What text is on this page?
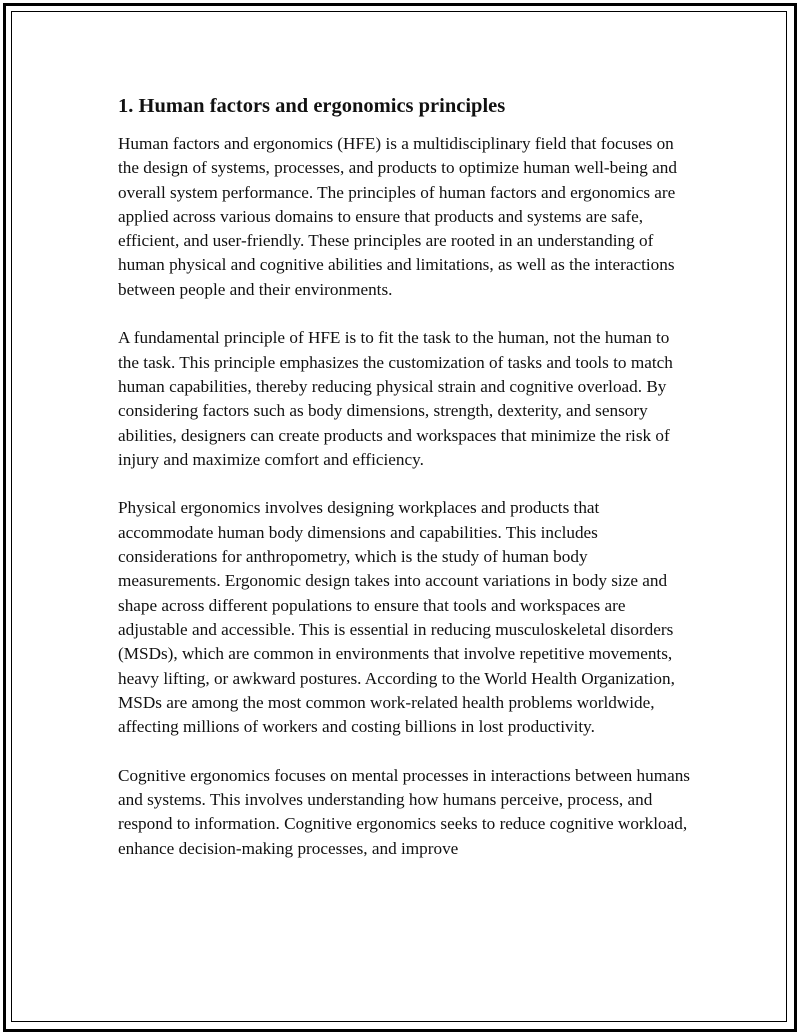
1. Human factors and ergonomics principles

Human factors and ergonomics (HFE) is a multidisciplinary field that focuses on the design of systems, processes, and products to optimize human well-being and overall system performance. The principles of human factors and ergonomics are applied across various domains to ensure that products and systems are safe, efficient, and user-friendly. These principles are rooted in an understanding of human physical and cognitive abilities and limitations, as well as the interactions between people and their environments.

A fundamental principle of HFE is to fit the task to the human, not the human to the task. This principle emphasizes the customization of tasks and tools to match human capabilities, thereby reducing physical strain and cognitive overload. By considering factors such as body dimensions, strength, dexterity, and sensory abilities, designers can create products and workspaces that minimize the risk of injury and maximize comfort and efficiency.

Physical ergonomics involves designing workplaces and products that accommodate human body dimensions and capabilities. This includes considerations for anthropometry, which is the study of human body measurements. Ergonomic design takes into account variations in body size and shape across different populations to ensure that tools and workspaces are adjustable and accessible. This is essential in reducing musculoskeletal disorders (MSDs), which are common in environments that involve repetitive movements, heavy lifting, or awkward postures. According to the World Health Organization, MSDs are among the most common work-related health problems worldwide, affecting millions of workers and costing billions in lost productivity.

Cognitive ergonomics focuses on mental processes in interactions between humans and systems. This involves understanding how humans perceive, process, and respond to information. Cognitive ergonomics seeks to reduce cognitive workload, enhance decision-making processes, and improve
